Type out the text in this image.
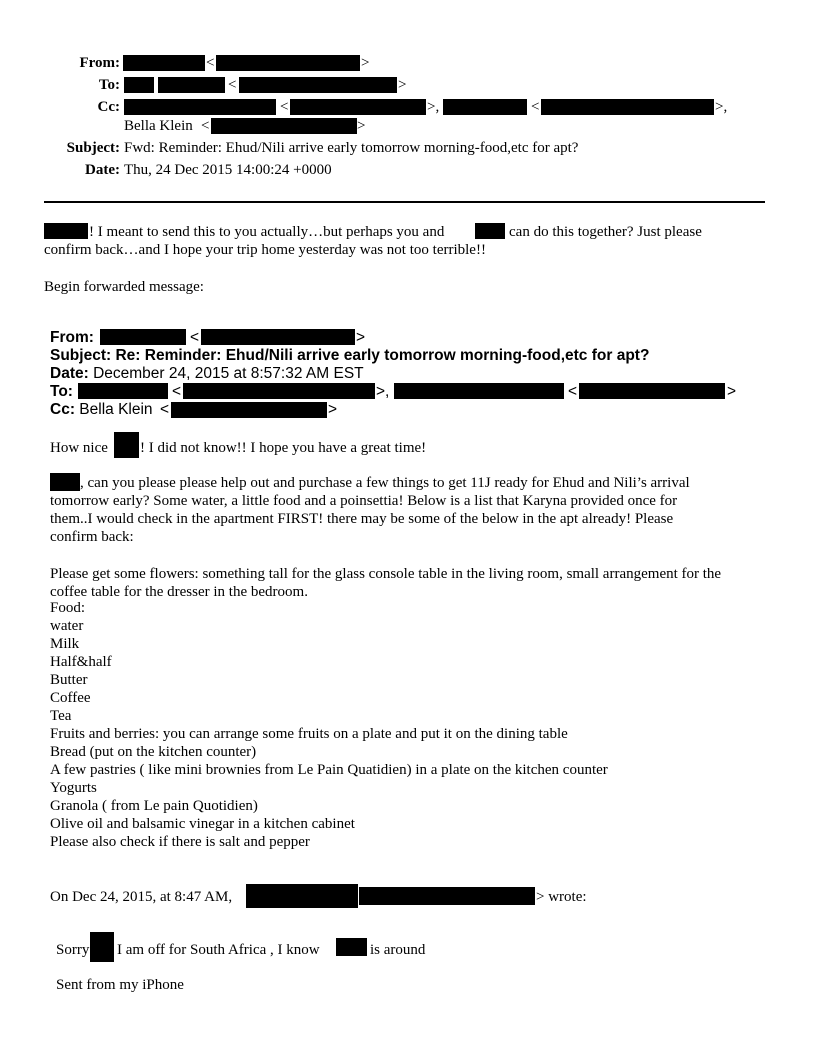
From:	<	>
To:	<	>
Cc:	<	>,	<	>,
Bella Klein <	>
Subject: Fwd: Reminder: Ehud/Nili arrive early tomorrow morning-food,etc for apt?
Date: Thu, 24 Dec 2015 14:00:24 +0000
! I meant to send this to you actually…but perhaps you and	can do this together? Just please
confirm back…and I hope your trip home yesterday was not too terrible!!
Begin forwarded message:
From:	<	>
Subject: Re: Reminder: Ehud/Nili arrive early tomorrow morning-food,etc for apt?
Date: December 24, 2015 at 8:57:32 AM EST
To:	<	>,	<	>
Cc: Bella Klein <	>
How nice ! I did not know!! I hope you have a great time!
, can you please please help out and purchase a few things to get 11J ready for Ehud and Nili’s arrival
tomorrow early? Some water, a little food and a poinsettia! Below is a list that Karyna provided once for
them..I would check in the apartment FIRST! there may be some of the below in the apt already! Please
confirm back:
Please get some flowers: something tall for the glass console table in the living room, small arrangement for the
coffee table for the dresser in the bedroom.
Food:
water
Milk
Half&half
Butter
Coffee
Tea
Fruits and berries: you can arrange some fruits on a plate and put it on the dining table
Bread (put on the kitchen counter)
A few pastries ( like mini brownies from Le Pain Quatidien) in a plate on the kitchen counter
Yogurts
Granola ( from Le pain Quotidien)
Olive oil and balsamic vinegar in a kitchen cabinet
Please also check if there is salt and pepper
On Dec 24, 2015, at 8:47 AM,	> wrote:
Sorry I am off for South Africa , I know	is around
Sent from my iPhone
